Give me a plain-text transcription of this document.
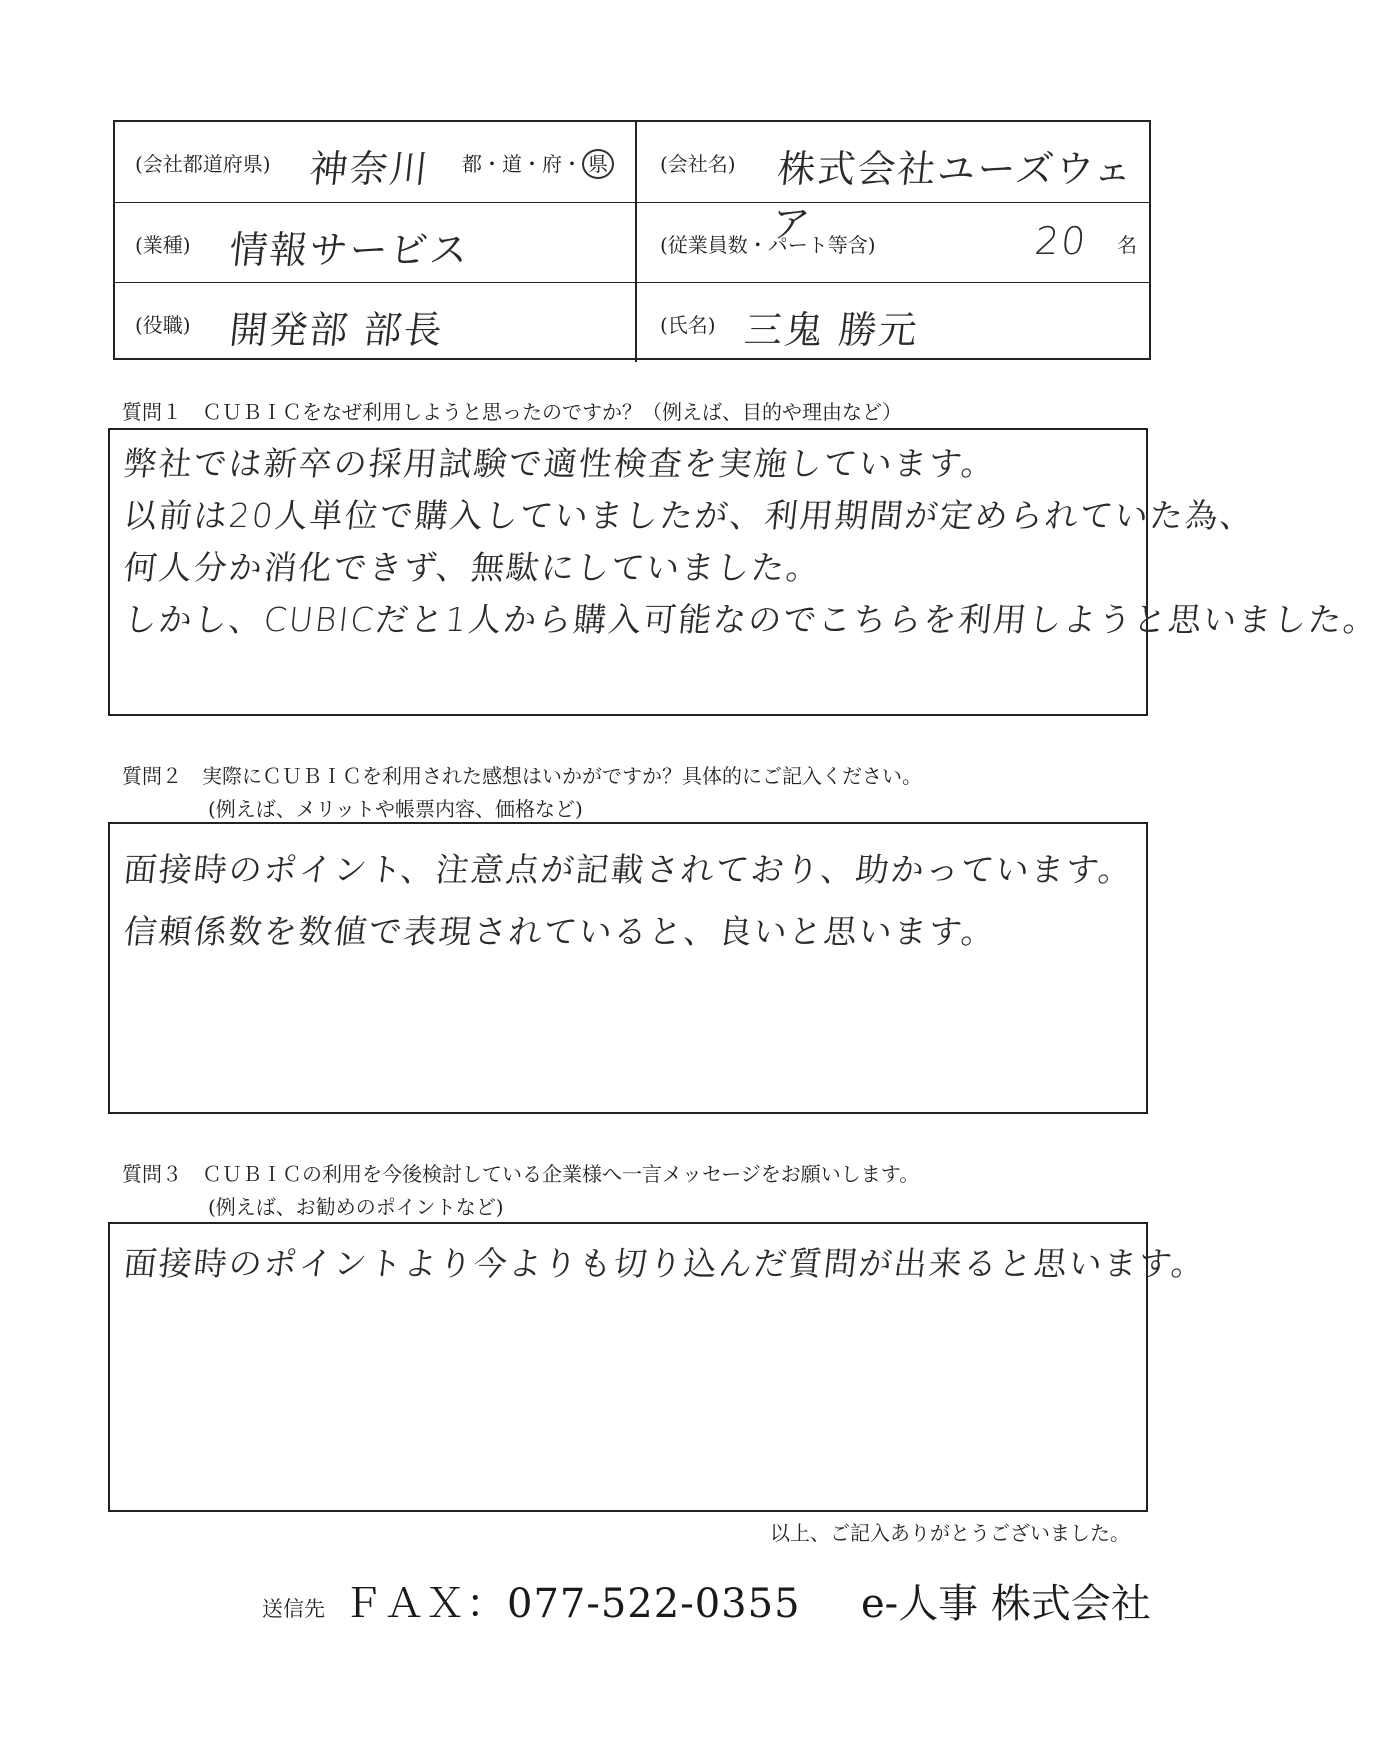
(会社都道府県) 神奈川 都・道・府・ 県	(会社名) 株式会社ユーズウェア
(業種) 情報サービス	(従業員数・パート等含)	20 名
(役職) 開発部 部長	(氏名) 三鬼 勝元
質問１　ＣＵＢＩＣをなぜ利用しようと思ったのですか？（例えば、目的や理由など）
弊社では新卒の採用試験で適性検査を実施しています。
以前は20人単位で購入していましたが、利用期間が定められていた為、
何人分か消化できず、無駄にしていました。
しかし、CUBICだと1人から購入可能なのでこちらを利用しようと思いました。
質問２　実際にＣＵＢＩＣを利用された感想はいかがですか？具体的にご記入ください。
(例えば、メリットや帳票内容、価格など)
面接時のポイント、注意点が記載されており、助かっています。
信頼係数を数値で表現されていると、良いと思います。
質問３　ＣＵＢＩＣの利用を今後検討している企業様へ一言メッセージをお願いします。
(例えば、お勧めのポイントなど)
面接時のポイントより今よりも切り込んだ質問が出来ると思います。
以上、ご記入ありがとうございました。
送信先 ＦＡＸ：077-522-0355 e-人事 株式会社
